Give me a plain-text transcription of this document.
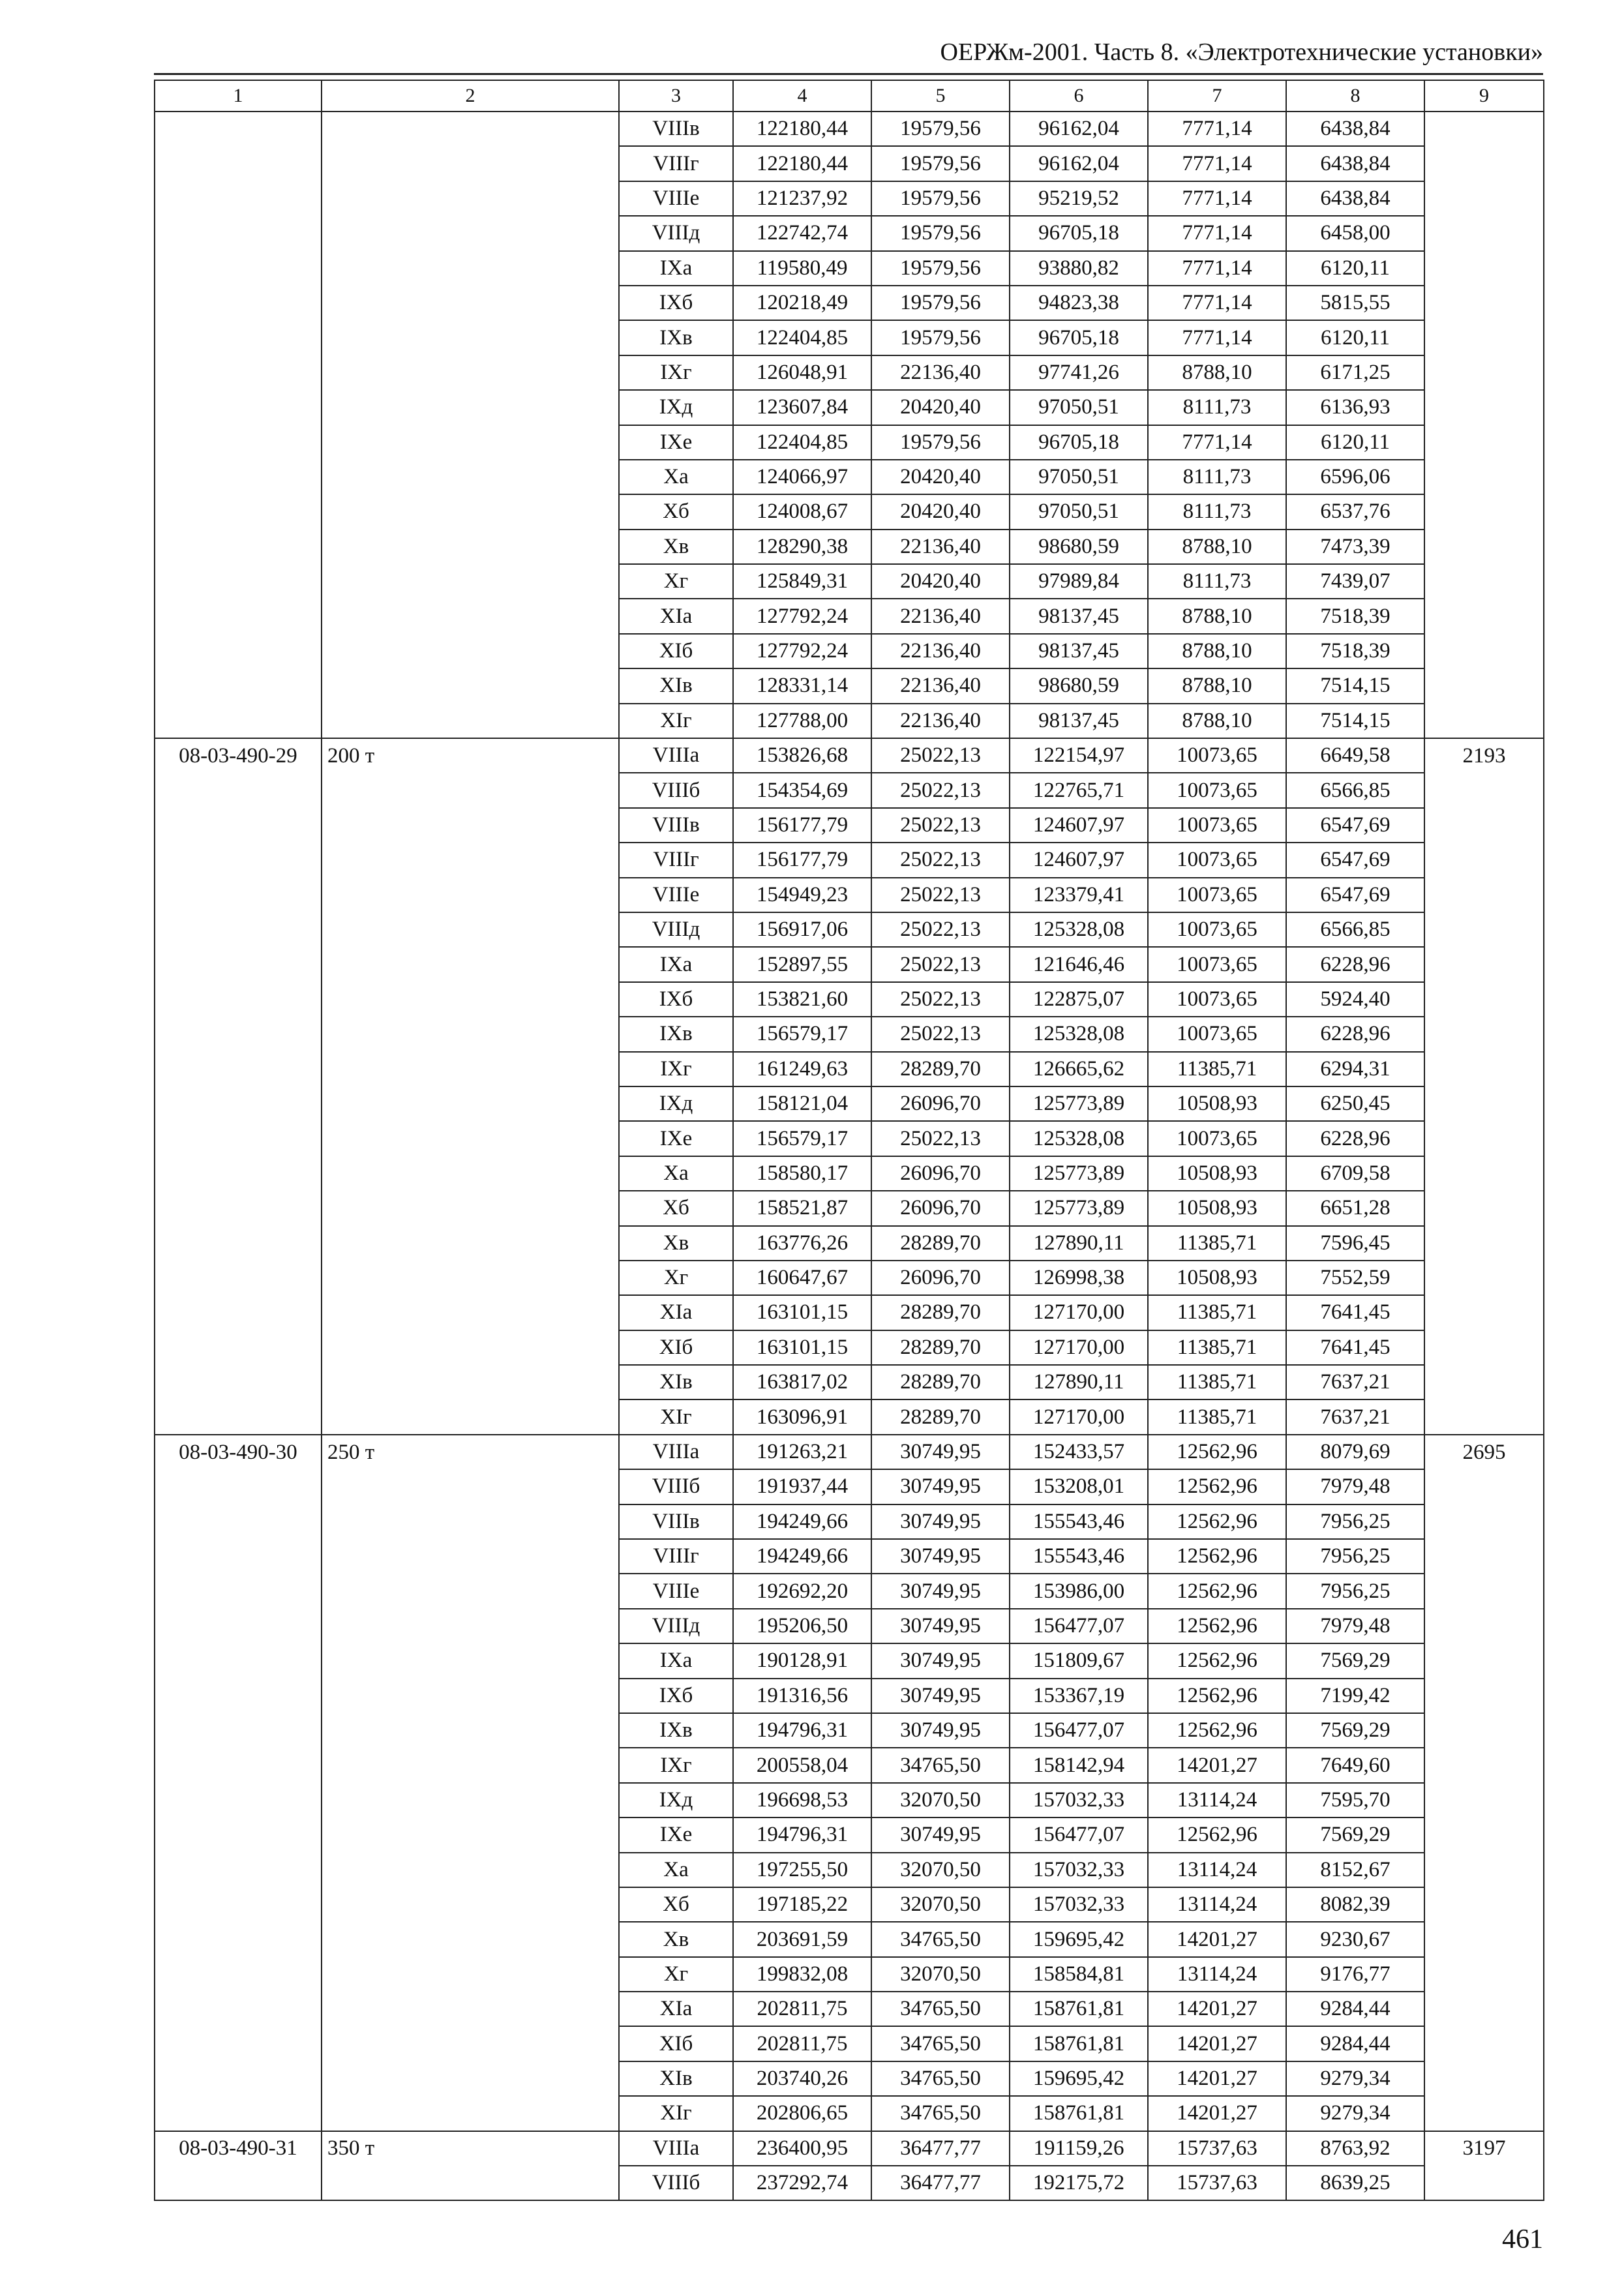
ОЕРЖм-2001. Часть 8. «Электротехнические установки»
1	2	3	4	5	6	7	8	9
		VIIIв	122180,44	19579,56	96162,04	7771,14	6438,84	
		VIIIг	122180,44	19579,56	96162,04	7771,14	6438,84	
		VIIIе	121237,92	19579,56	95219,52	7771,14	6438,84	
		VIIIд	122742,74	19579,56	96705,18	7771,14	6458,00	
		IXа	119580,49	19579,56	93880,82	7771,14	6120,11	
		IXб	120218,49	19579,56	94823,38	7771,14	5815,55	
		IXв	122404,85	19579,56	96705,18	7771,14	6120,11	
		IXг	126048,91	22136,40	97741,26	8788,10	6171,25	
		IXд	123607,84	20420,40	97050,51	8111,73	6136,93	
		IXе	122404,85	19579,56	96705,18	7771,14	6120,11	
		Xа	124066,97	20420,40	97050,51	8111,73	6596,06	
		Xб	124008,67	20420,40	97050,51	8111,73	6537,76	
		Xв	128290,38	22136,40	98680,59	8788,10	7473,39	
		Xг	125849,31	20420,40	97989,84	8111,73	7439,07	
		XIа	127792,24	22136,40	98137,45	8788,10	7518,39	
		XIб	127792,24	22136,40	98137,45	8788,10	7518,39	
		XIв	128331,14	22136,40	98680,59	8788,10	7514,15	
		XIг	127788,00	22136,40	98137,45	8788,10	7514,15	
08-03-490-29	200 т	VIIIа	153826,68	25022,13	122154,97	10073,65	6649,58	2193
		VIIIб	154354,69	25022,13	122765,71	10073,65	6566,85	
		VIIIв	156177,79	25022,13	124607,97	10073,65	6547,69	
		VIIIг	156177,79	25022,13	124607,97	10073,65	6547,69	
		VIIIе	154949,23	25022,13	123379,41	10073,65	6547,69	
		VIIIд	156917,06	25022,13	125328,08	10073,65	6566,85	
		IXа	152897,55	25022,13	121646,46	10073,65	6228,96	
		IXб	153821,60	25022,13	122875,07	10073,65	5924,40	
		IXв	156579,17	25022,13	125328,08	10073,65	6228,96	
		IXг	161249,63	28289,70	126665,62	11385,71	6294,31	
		IXд	158121,04	26096,70	125773,89	10508,93	6250,45	
		IXе	156579,17	25022,13	125328,08	10073,65	6228,96	
		Xа	158580,17	26096,70	125773,89	10508,93	6709,58	
		Xб	158521,87	26096,70	125773,89	10508,93	6651,28	
		Xв	163776,26	28289,70	127890,11	11385,71	7596,45	
		Xг	160647,67	26096,70	126998,38	10508,93	7552,59	
		XIа	163101,15	28289,70	127170,00	11385,71	7641,45	
		XIб	163101,15	28289,70	127170,00	11385,71	7641,45	
		XIв	163817,02	28289,70	127890,11	11385,71	7637,21	
		XIг	163096,91	28289,70	127170,00	11385,71	7637,21	
08-03-490-30	250 т	VIIIа	191263,21	30749,95	152433,57	12562,96	8079,69	2695
		VIIIб	191937,44	30749,95	153208,01	12562,96	7979,48	
		VIIIв	194249,66	30749,95	155543,46	12562,96	7956,25	
		VIIIг	194249,66	30749,95	155543,46	12562,96	7956,25	
		VIIIе	192692,20	30749,95	153986,00	12562,96	7956,25	
		VIIIд	195206,50	30749,95	156477,07	12562,96	7979,48	
		IXа	190128,91	30749,95	151809,67	12562,96	7569,29	
		IXб	191316,56	30749,95	153367,19	12562,96	7199,42	
		IXв	194796,31	30749,95	156477,07	12562,96	7569,29	
		IXг	200558,04	34765,50	158142,94	14201,27	7649,60	
		IXд	196698,53	32070,50	157032,33	13114,24	7595,70	
		IXе	194796,31	30749,95	156477,07	12562,96	7569,29	
		Xа	197255,50	32070,50	157032,33	13114,24	8152,67	
		Xб	197185,22	32070,50	157032,33	13114,24	8082,39	
		Xв	203691,59	34765,50	159695,42	14201,27	9230,67	
		Xг	199832,08	32070,50	158584,81	13114,24	9176,77	
		XIа	202811,75	34765,50	158761,81	14201,27	9284,44	
		XIб	202811,75	34765,50	158761,81	14201,27	9284,44	
		XIв	203740,26	34765,50	159695,42	14201,27	9279,34	
		XIг	202806,65	34765,50	158761,81	14201,27	9279,34	
08-03-490-31	350 т	VIIIа	236400,95	36477,77	191159,26	15737,63	8763,92	3197
		VIIIб	237292,74	36477,77	192175,72	15737,63	8639,25	
461
